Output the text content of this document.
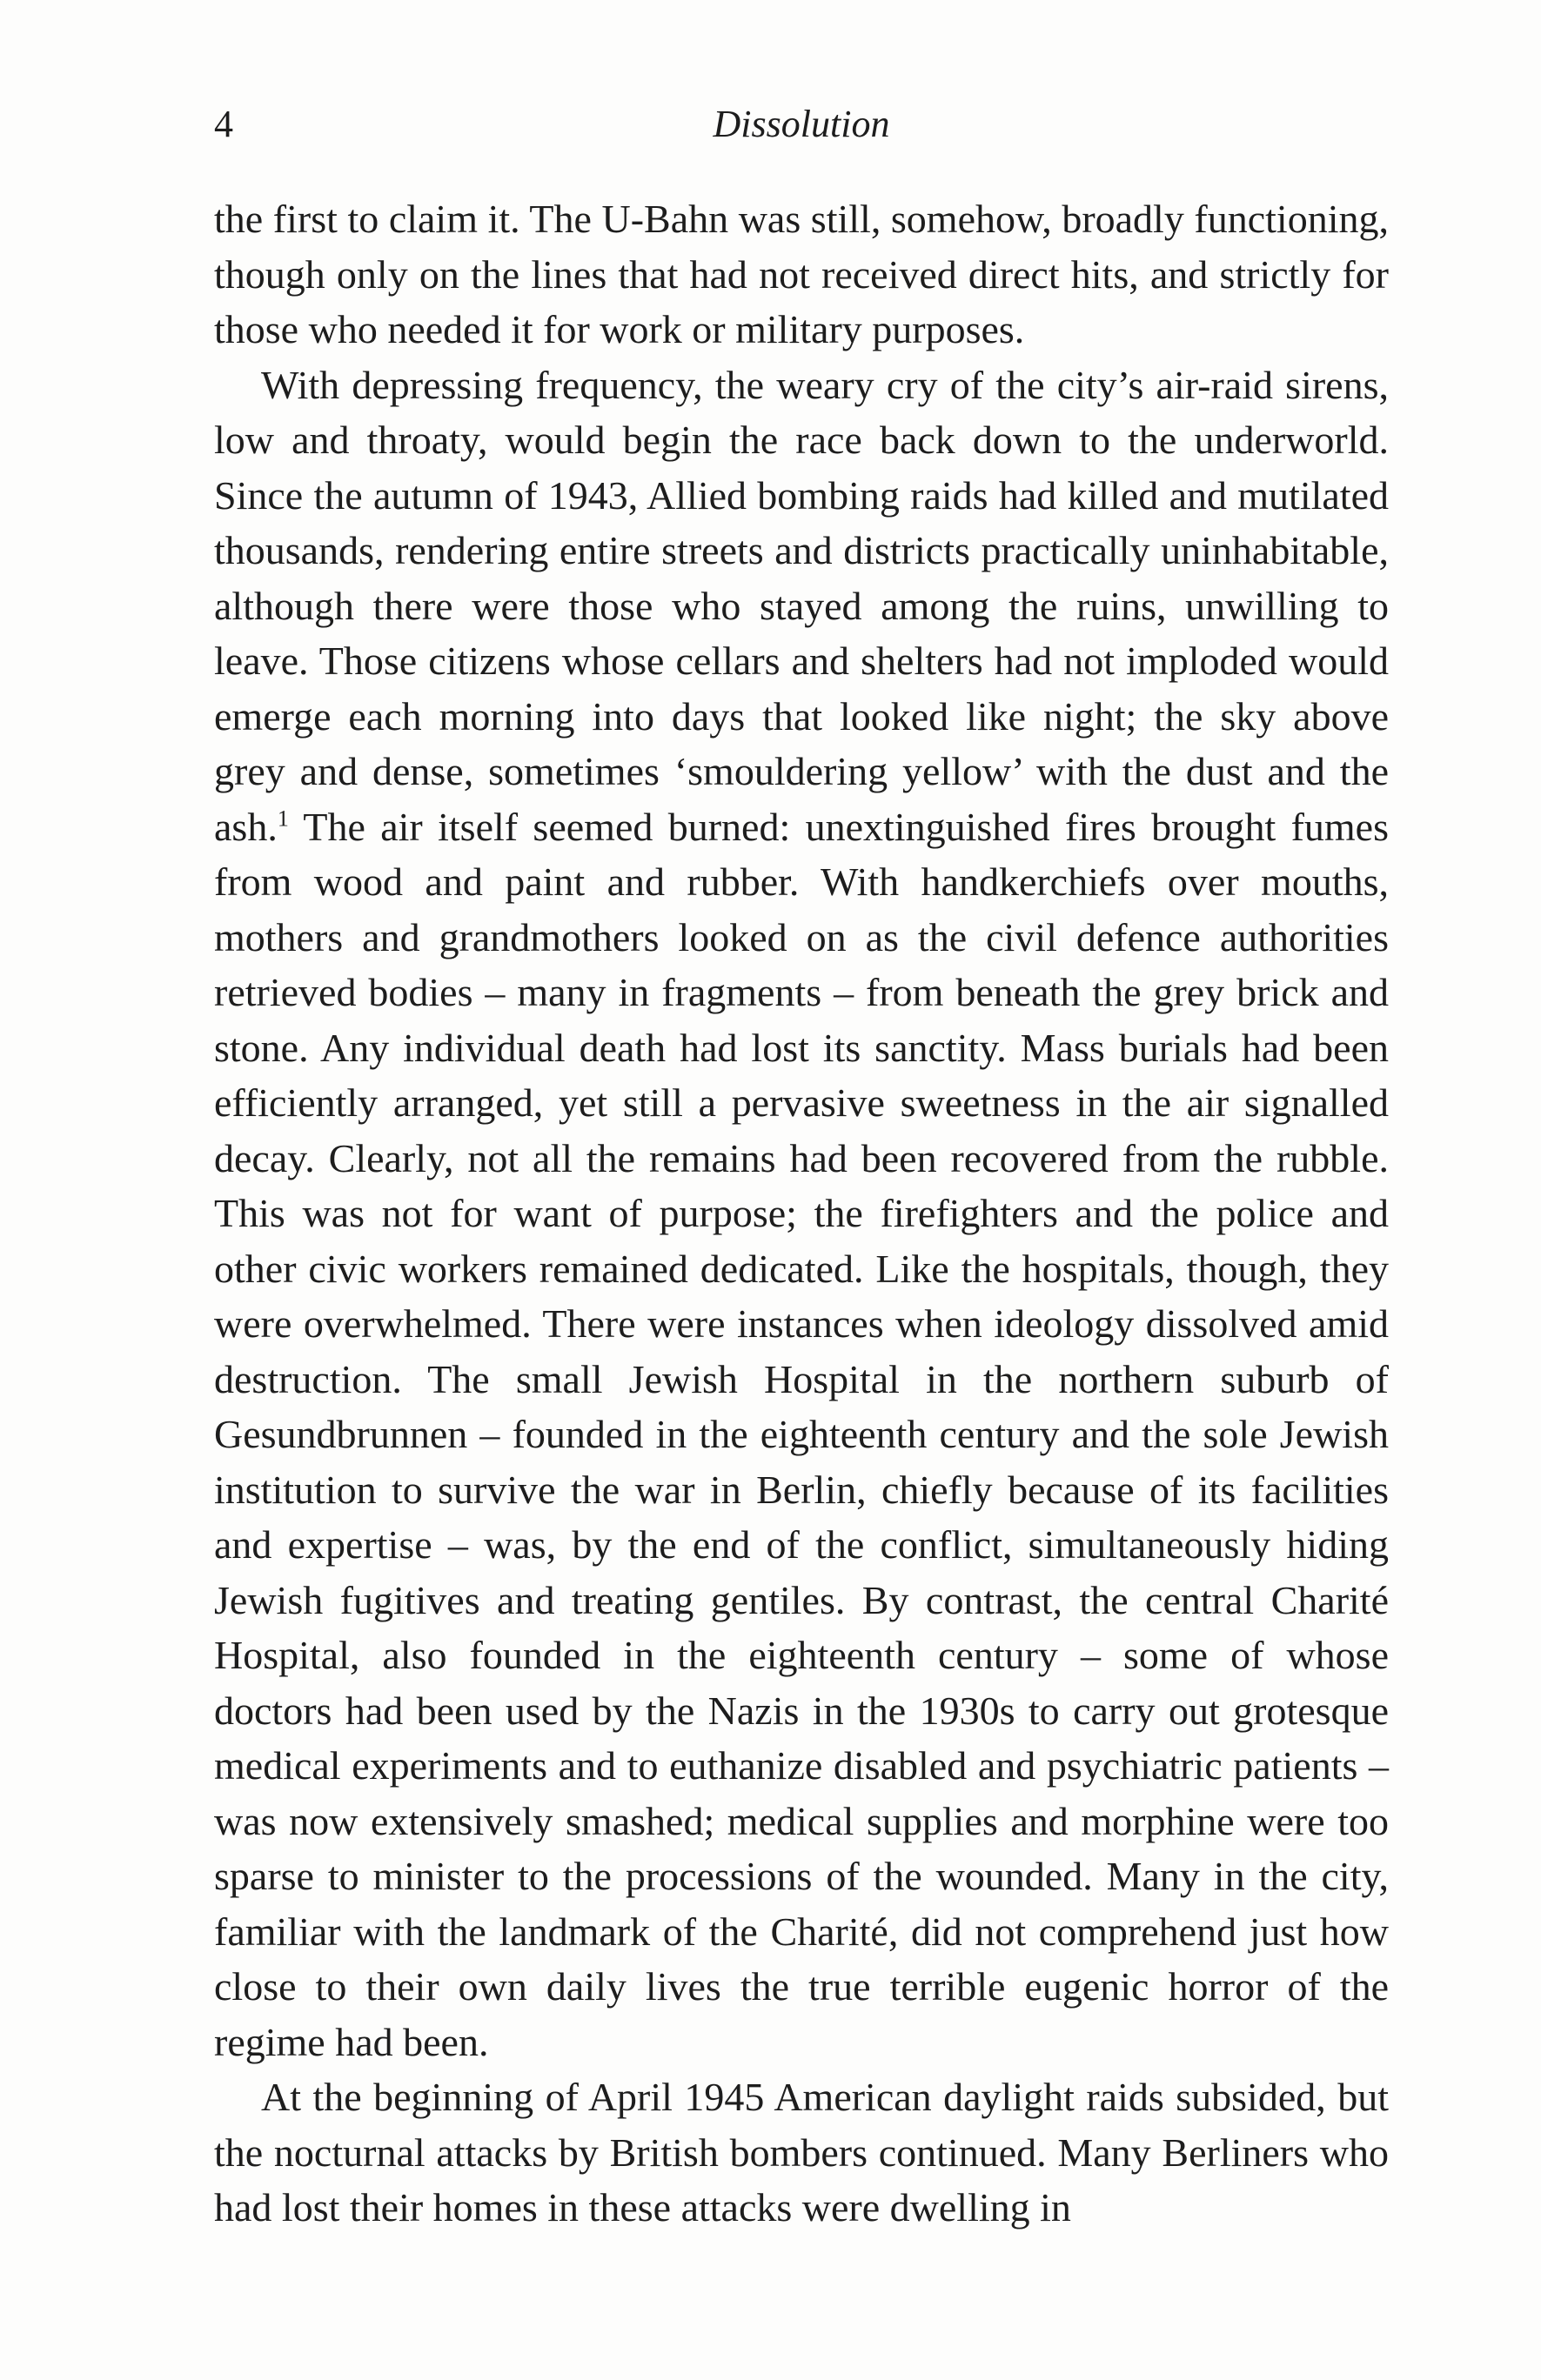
4	Dissolution

the first to claim it. The U-Bahn was still, somehow, broadly functioning, though only on the lines that had not received direct hits, and strictly for those who needed it for work or military purposes.

With depressing frequency, the weary cry of the city’s air-raid sirens, low and throaty, would begin the race back down to the underworld. Since the autumn of 1943, Allied bombing raids had killed and mutilated thousands, rendering entire streets and districts practically uninhabitable, although there were those who stayed among the ruins, unwilling to leave. Those citizens whose cellars and shelters had not imploded would emerge each morning into days that looked like night; the sky above grey and dense, sometimes ‘smouldering yellow’ with the dust and the ash.$^1$ The air itself seemed burned: unextinguished fires brought fumes from wood and paint and rubber. With handkerchiefs over mouths, mothers and grandmothers looked on as the civil defence authorities retrieved bodies – many in fragments – from beneath the grey brick and stone. Any individual death had lost its sanctity. Mass burials had been efficiently arranged, yet still a pervasive sweetness in the air signalled decay. Clearly, not all the remains had been recovered from the rubble. This was not for want of purpose; the firefighters and the police and other civic workers remained dedicated. Like the hospitals, though, they were overwhelmed. There were instances when ideology dissolved amid destruction. The small Jewish Hospital in the northern suburb of Gesundbrunnen – founded in the eighteenth century and the sole Jewish institution to survive the war in Berlin, chiefly because of its facilities and expertise – was, by the end of the conflict, simultaneously hiding Jewish fugitives and treating gentiles. By contrast, the central Charité Hospital, also founded in the eighteenth century – some of whose doctors had been used by the Nazis in the 1930s to carry out grotesque medical experiments and to euthanize disabled and psychiatric patients – was now extensively smashed; medical supplies and morphine were too sparse to minister to the processions of the wounded. Many in the city, familiar with the landmark of the Charité, did not comprehend just how close to their own daily lives the true terrible eugenic horror of the regime had been.

At the beginning of April 1945 American daylight raids subsided, but the nocturnal attacks by British bombers continued. Many Berliners who had lost their homes in these attacks were dwelling in
